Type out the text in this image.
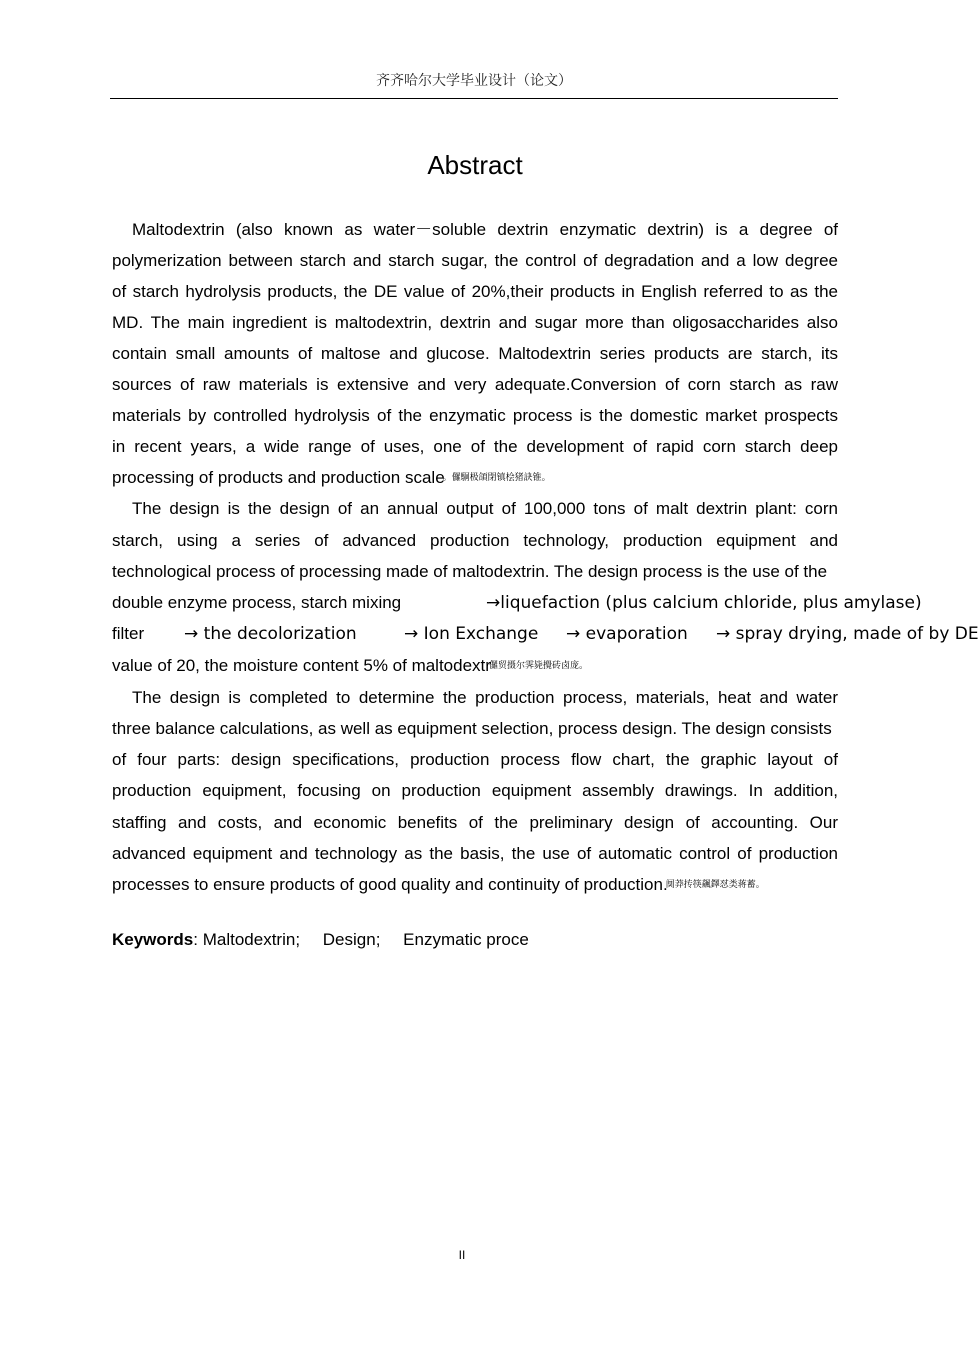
齐齐哈尔大学毕业设计（论文）
Abstract
Maltodextrin (also known as water－soluble dextrin enzymatic dextrin) is a degree of
polymerization between starch and starch sugar, the control of degradation and a low degree
of starch hydrolysis products, the DE value of 20%,their products in English referred to as the
MD. The main ingredient is maltodextrin, dextrin and sugar more than oligosaccharides also
contain small amounts of maltose and glucose. Maltodextrin series products are starch, its
sources of raw materials is extensive and very adequate.Conversion of corn starch as raw
materials by controlled hydrolysis of the enzymatic process is the domestic market prospects
in recent years, a wide range of uses, one of the development of rapid corn starch deep
processing of products and production scale。儸駉极頜閉镇桧猪訣锥。
The design is the design of an annual output of 100,000 tons of malt dextrin plant: corn
starch, using a series of advanced production technology, production equipment and
technological process of processing made of maltodextrin. The design process is the use of the
double enzyme process, starch mixing	→liquefaction (plus calcium chloride, plus amylase)
filter → the decolorization	→ Ion Exchange → evaporation → spray drying, made of by DE
value of 20, the moisture content 5% of maltodextr儸贸摄尔霁毙攪砖卤庞。
The design is completed to determine the production process, materials, heat and water
three balance calculations, as well as equipment selection, process design. The design consists
of four parts: design specifications, production process flow chart, the graphic layout of
production equipment, focusing on production equipment assembly drawings. In addition,
staffing and costs, and economic benefits of the preliminary design of accounting. Our
advanced equipment and technology as the basis, the use of automatic control of production
processes to ensure products of good quality and continuity of production.阒莽抟筷飆鐸怼类蒋蓄。
Keywords: Maltodextrin; Design; Enzymatic proce
II
